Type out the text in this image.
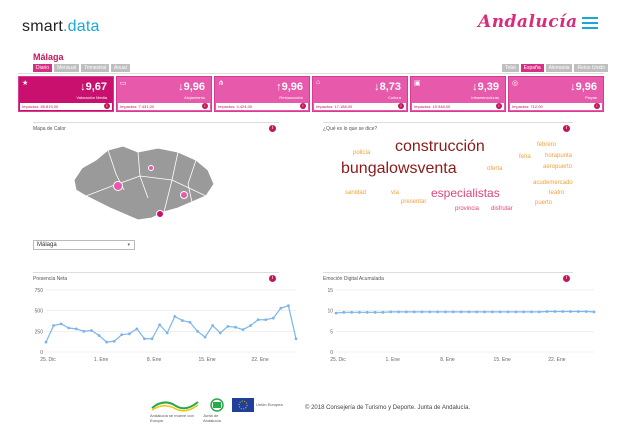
smart.data	Andalucía
Málaga
Diario	Mensual	Trimestral	Anual	Total	España	Alemania	Reino Unido
★	↓9,67
Valoración Media
Impactos: 65.819,00	i
▭	↓9,96
Alojamiento
Impactos: 7.431,00	i
⋔	↑9,96
Restauración
Impactos: 4.424,00	i
⌂	↓8,73
Cultura
Impactos: 17.188,00	i
▣	↓9,39
Infraestructuras
Impactos: 15.948,00	i
◎	↓9,96
Playas
Impactos: 712,00	i
Mapa de Calor	i
Málaga	▾
¿Qué es lo que se dice?	i
construcción
bungalowsventa
especialistas
policía
feria
febrero
horapunta
aeropuerto
oferta
acudemercado
sanidad	vía
presentar
teatro
provincia disfrutar
puerto
Presencia Neta	i
750
500
250
0
25. Dic	1. Ene	8. Ene	15. Ene	22. Ene
Emoción Digital Acumulada	i
15
10
5
0
25. Dic	1. Ene	8. Ene	15. Ene	22. Ene
Andalucía se mueve con Europa
Junta de Andalucía
Unión Europea
© 2018 Consejería de Turismo y Deporte. Junta de Andalucía.
